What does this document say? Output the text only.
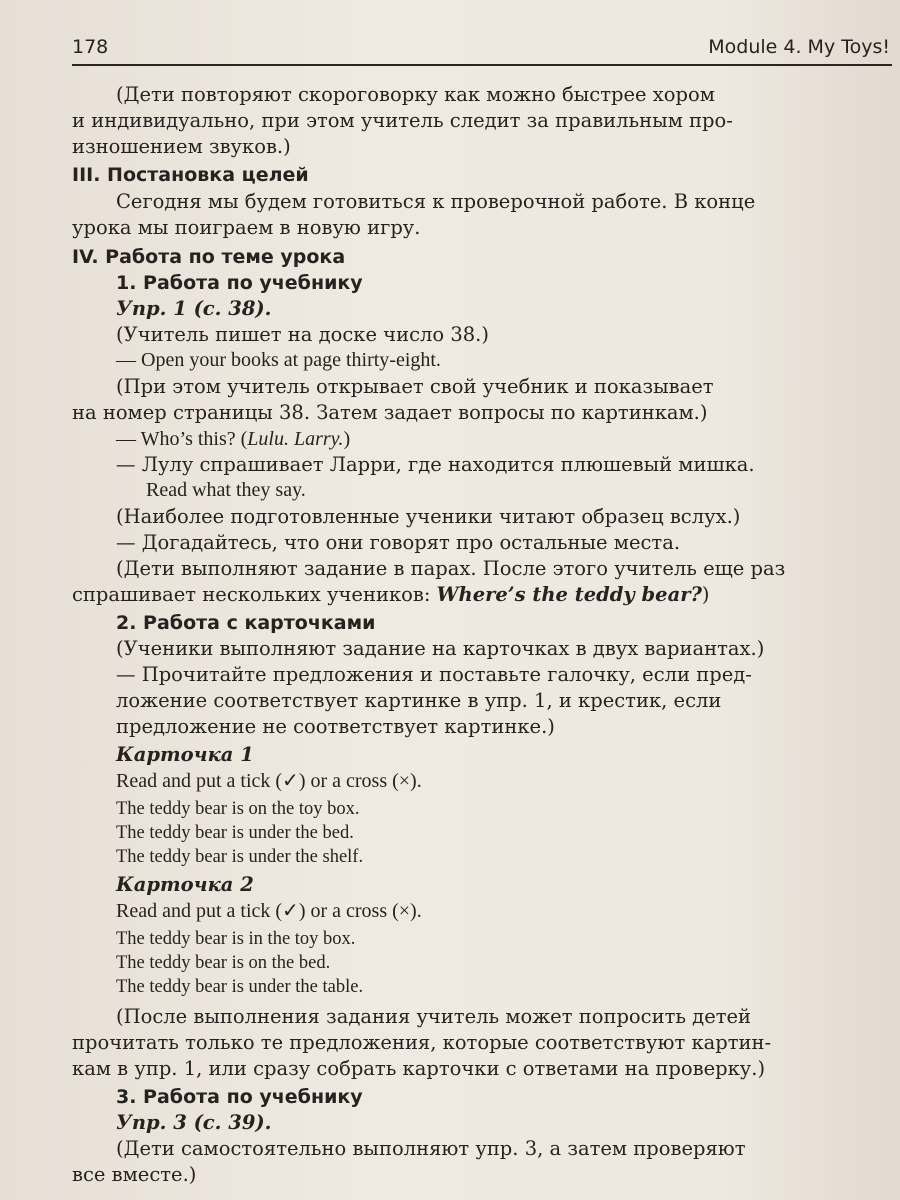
178	Module 4. My Toys!
(Дети повторяют скороговорку как можно быстрее хором
и индивидуально, при этом учитель следит за правильным про-
изношением звуков.)
III. Постановка целей
Сегодня мы будем готовиться к проверочной работе. В конце
урока мы поиграем в новую игру.
IV. Работа по теме урока
1. Работа по учебнику
Упр. 1 (с. 38).
(Учитель пишет на доске число 38.)
— Open your books at page thirty-eight.
(При этом учитель открывает свой учебник и показывает
на номер страницы 38. Затем задает вопросы по картинкам.)
— Who’s this? (Lulu. Larry.)
— Лулу спрашивает Ларри, где находится плюшевый мишка.
Read what they say.
(Наиболее подготовленные ученики читают образец вслух.)
— Догадайтесь, что они говорят про остальные места.
(Дети выполняют задание в парах. После этого учитель еще раз
спрашивает нескольких учеников: Where’s the teddy bear?)
2. Работа с карточками
(Ученики выполняют задание на карточках в двух вариантах.)
— Прочитайте предложения и поставьте галочку, если пред-
ложение соответствует картинке в упр. 1, и крестик, если
предложение не соответствует картинке.)
Карточка 1
Read and put a tick (✓) or a cross (×).
The teddy bear is on the toy box.
The teddy bear is under the bed.
The teddy bear is under the shelf.
Карточка 2
Read and put a tick (✓) or a cross (×).
The teddy bear is in the toy box.
The teddy bear is on the bed.
The teddy bear is under the table.
(После выполнения задания учитель может попросить детей
прочитать только те предложения, которые соответствуют картин-
кам в упр. 1, или сразу собрать карточки с ответами на проверку.)
3. Работа по учебнику
Упр. 3 (с. 39).
(Дети самостоятельно выполняют упр. 3, а затем проверяют
все вместе.)
